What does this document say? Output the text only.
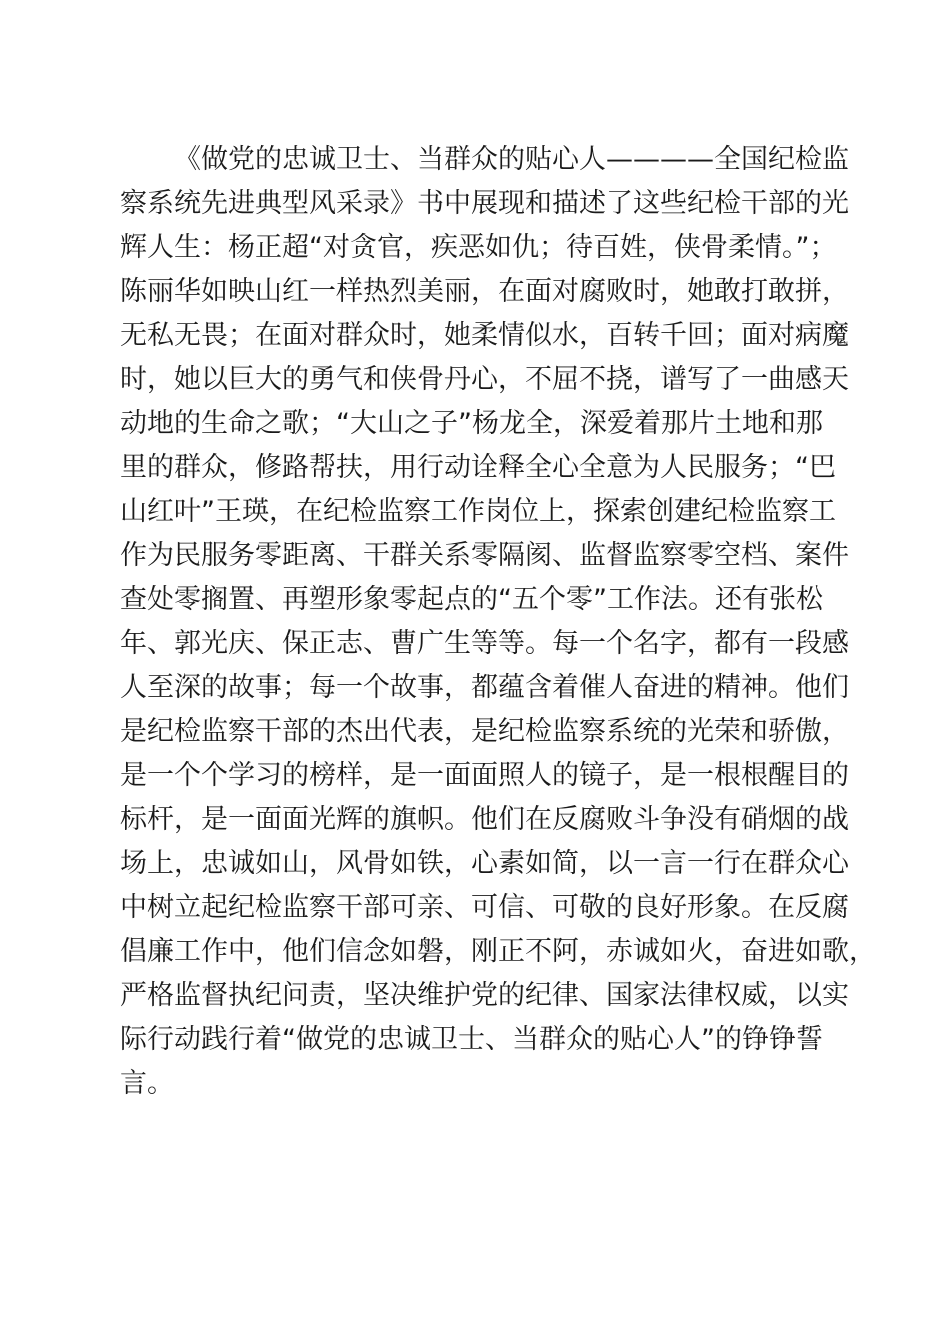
《做党的忠诚卫士、当群众的贴心人————全国纪检监
察系统先进典型风采录》书中展现和描述了这些纪检干部的光
辉人生：杨正超“对贪官，疾恶如仇；待百姓，侠骨柔情。”；
陈丽华如映山红一样热烈美丽，在面对腐败时，她敢打敢拼，
无私无畏；在面对群众时，她柔情似水，百转千回；面对病魔
时，她以巨大的勇气和侠骨丹心，不屈不挠，谱写了一曲感天
动地的生命之歌；“大山之子”杨龙全，深爱着那片土地和那
里的群众，修路帮扶，用行动诠释全心全意为人民服务；“巴
山红叶”王瑛，在纪检监察工作岗位上，探索创建纪检监察工
作为民服务零距离、干群关系零隔阂、监督监察零空档、案件
查处零搁置、再塑形象零起点的“五个零”工作法。还有张松
年、郭光庆、保正志、曹广生等等。每一个名字，都有一段感
人至深的故事；每一个故事，都蕴含着催人奋进的精神。他们
是纪检监察干部的杰出代表，是纪检监察系统的光荣和骄傲，
是一个个学习的榜样，是一面面照人的镜子，是一根根醒目的
标杆，是一面面光辉的旗帜。他们在反腐败斗争没有硝烟的战
场上，忠诚如山，风骨如铁，心素如简，以一言一行在群众心
中树立起纪检监察干部可亲、可信、可敬的良好形象。在反腐
倡廉工作中，他们信念如磐，刚正不阿，赤诚如火，奋进如歌，
严格监督执纪问责，坚决维护党的纪律、国家法律权威，以实
际行动践行着“做党的忠诚卫士、当群众的贴心人”的铮铮誓
言。
